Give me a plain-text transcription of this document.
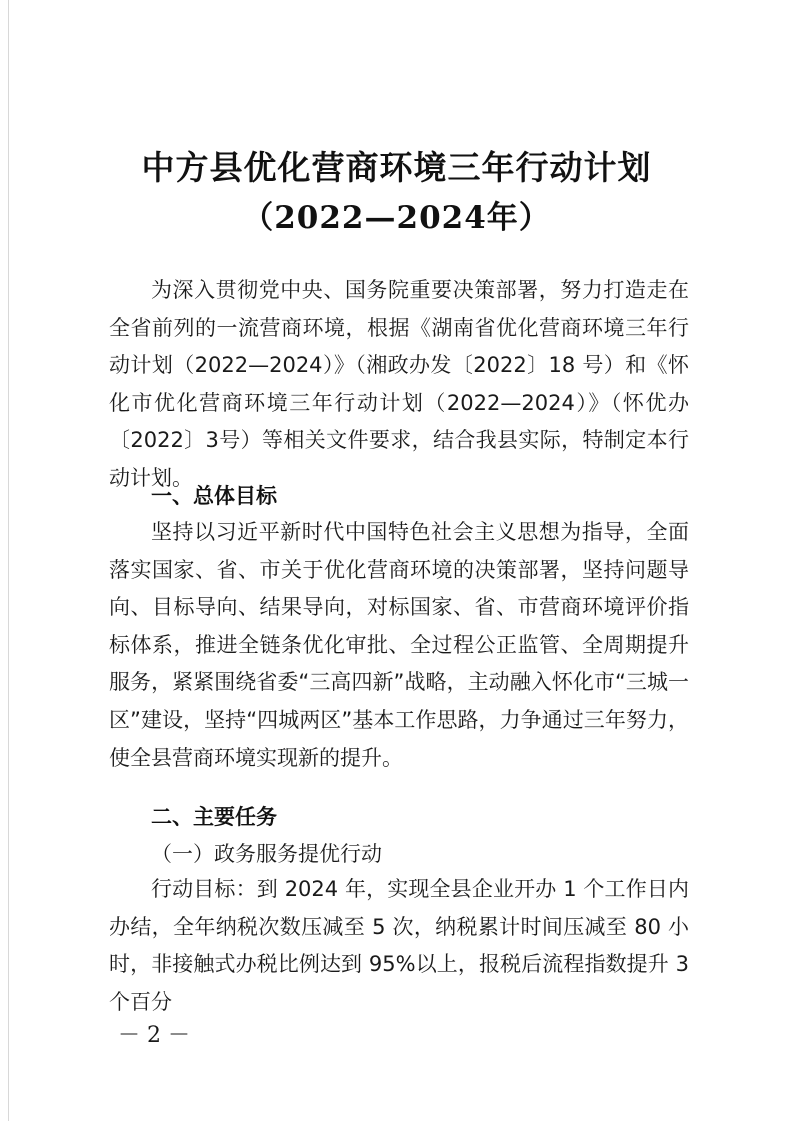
中方县优化营商环境三年行动计划
（2022—2024年）

为深入贯彻党中央、国务院重要决策部署，努力打造走在全省前列的一流营商环境，根据《湖南省优化营商环境三年行动计划（2022—2024）》（湘政办发〔2022〕18 号）和《怀化市优化营商环境三年行动计划（2022—2024）》（怀优办〔2022〕3号）等相关文件要求，结合我县实际，特制定本行动计划。

一、总体目标

坚持以习近平新时代中国特色社会主义思想为指导，全面落实国家、省、市关于优化营商环境的决策部署，坚持问题导向、目标导向、结果导向，对标国家、省、市营商环境评价指标体系，推进全链条优化审批、全过程公正监管、全周期提升服务，紧紧围绕省委“三高四新”战略，主动融入怀化市“三城一区”建设，坚持“四城两区”基本工作思路，力争通过三年努力，使全县营商环境实现新的提升。

二、主要任务
（一）政务服务提优行动

行动目标：到 2024 年，实现全县企业开办 1 个工作日内办结，全年纳税次数压减至 5 次，纳税累计时间压减至 80 小时，非接触式办税比例达到 95%以上，报税后流程指数提升 3 个百分

－ 2 －
